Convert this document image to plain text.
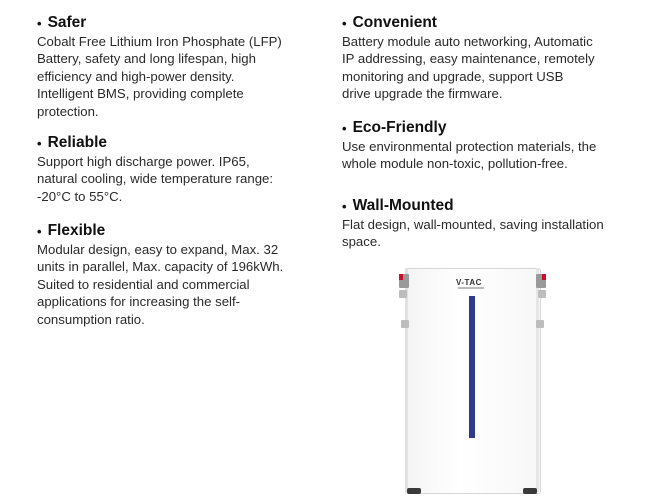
• Safer
Cobalt Free Lithium Iron Phosphate (LFP)
Battery, safety and long lifespan, high
efficiency and high-power density.
Intelligent BMS, providing complete
protection.
• Reliable
Support high discharge power. IP65,
natural cooling, wide temperature range:
-20°C to 55°C.
• Flexible
Modular design, easy to expand, Max. 32
units in parallel, Max. capacity of 196kWh.
Suited to residential and commercial
applications for increasing the self-
consumption ratio.
• Convenient
Battery module auto networking, Automatic
IP addressing, easy maintenance, remotely
monitoring and upgrade, support USB
drive upgrade the firmware.
• Eco-Friendly
Use environmental protection materials, the
whole module non-toxic, pollution-free.
• Wall-Mounted
Flat design, wall-mounted, saving installation
space.
V-TAC
